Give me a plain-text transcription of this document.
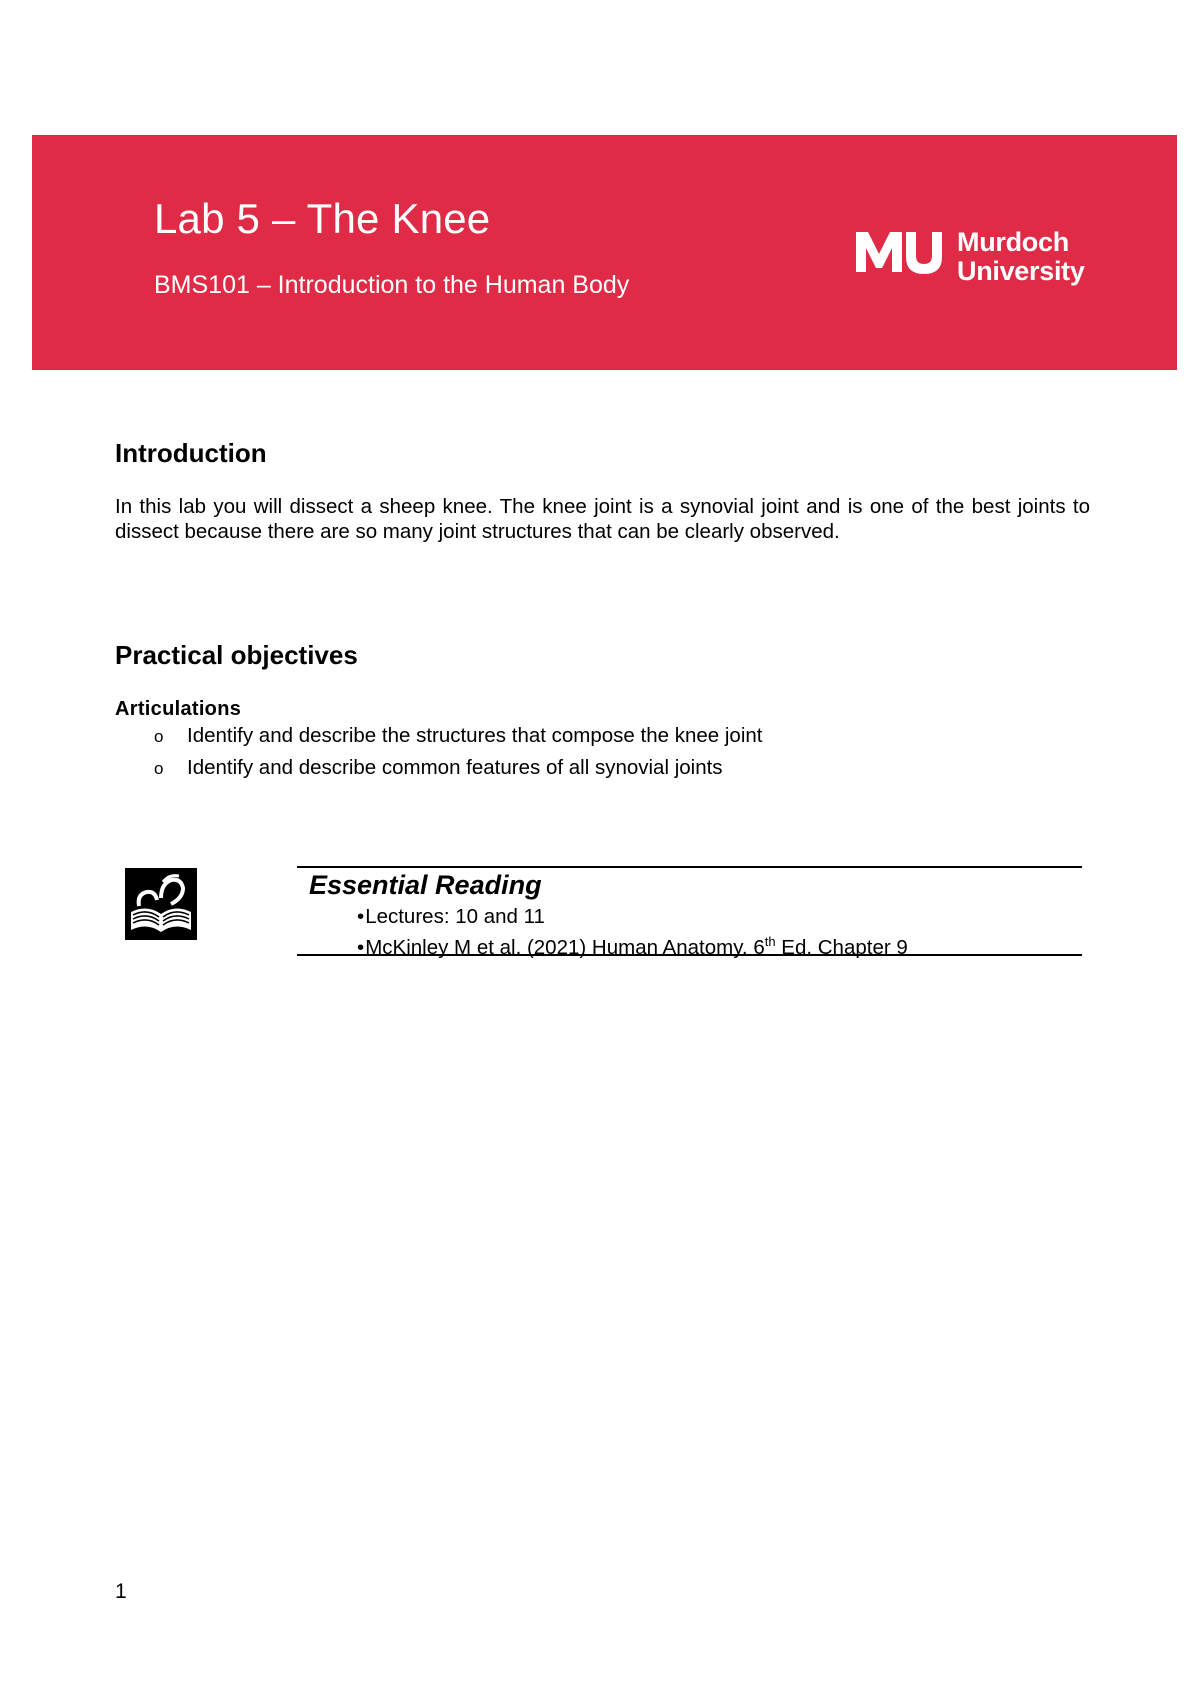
Lab 5 – The Knee

BMS101 – Introduction to the Human Body

Murdoch
University
Introduction

In this lab you will dissect a sheep knee. The knee joint is a synovial joint and is one of the best joints to dissect because there are so many joint structures that can be clearly observed.

Practical objectives

Articulations

o Identify and describe the structures that compose the knee joint
o Identify and describe common features of all synovial joints
Essential Reading
• Lectures: 10 and 11
• McKinley M et al. (2021) Human Anatomy. 6th Ed. Chapter 9

1
